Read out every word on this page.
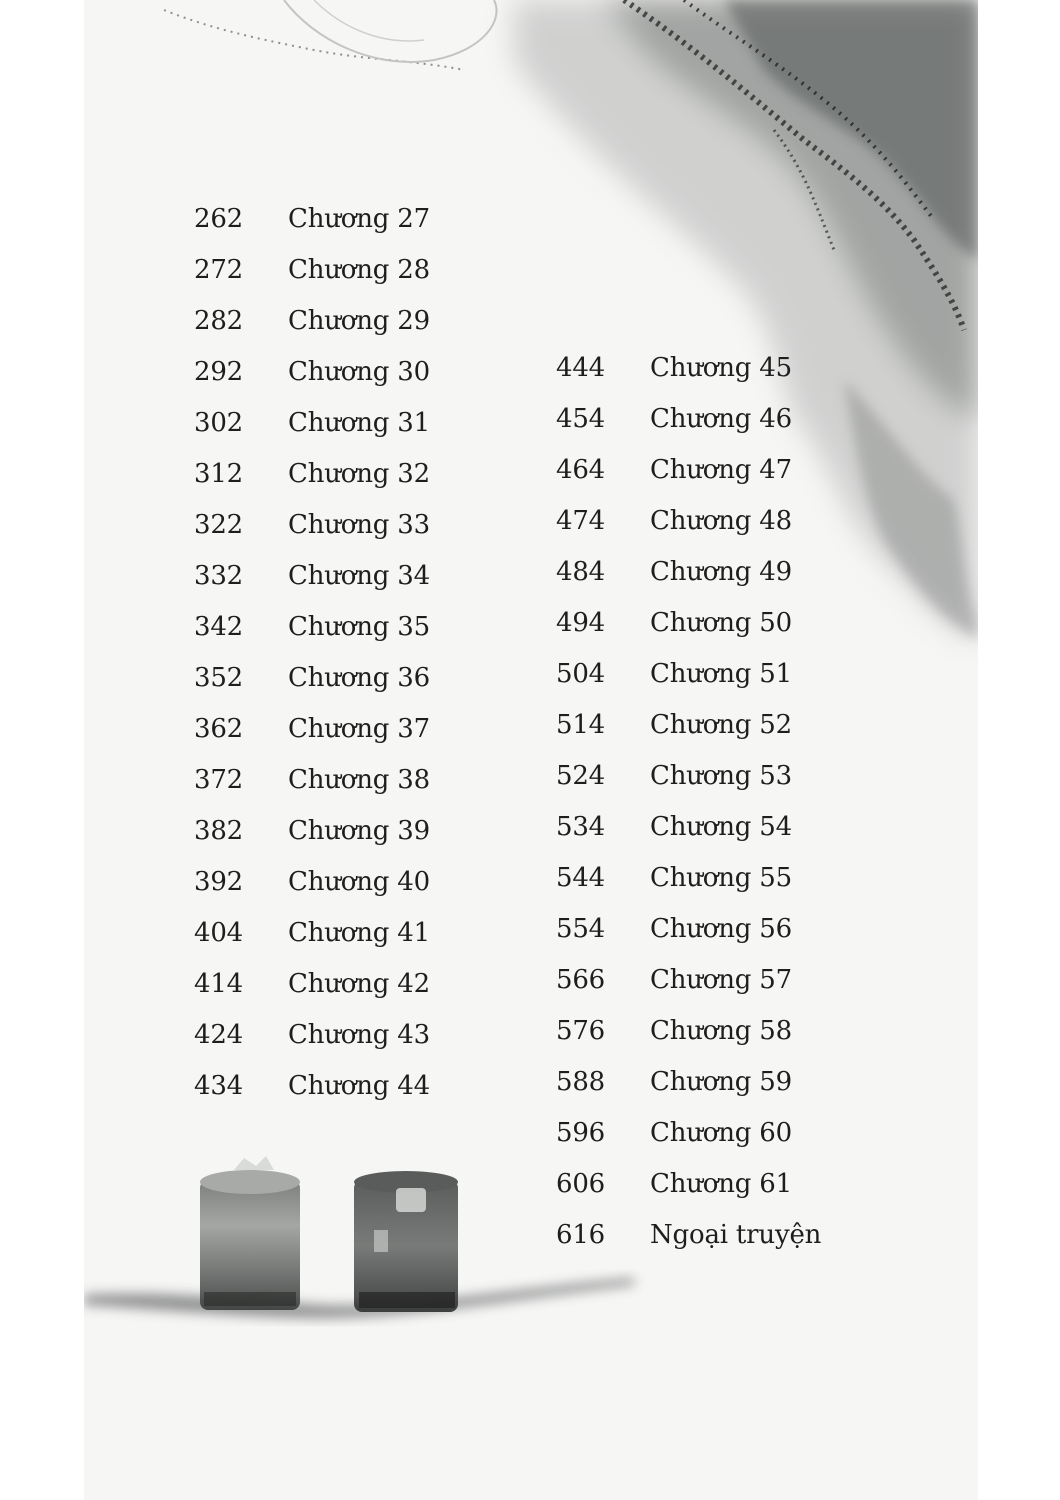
262	Chương 27
272	Chương 28
282	Chương 29
292	Chương 30
302	Chương 31
312	Chương 32
322	Chương 33
332	Chương 34
342	Chương 35
352	Chương 36
362	Chương 37
372	Chương 38
382	Chương 39
392	Chương 40
404	Chương 41
414	Chương 42
424	Chương 43
434	Chương 44
444	Chương 45
454	Chương 46
464	Chương 47
474	Chương 48
484	Chương 49
494	Chương 50
504	Chương 51
514	Chương 52
524	Chương 53
534	Chương 54
544	Chương 55
554	Chương 56
566	Chương 57
576	Chương 58
588	Chương 59
596	Chương 60
606	Chương 61
616	Ngoại truyện
